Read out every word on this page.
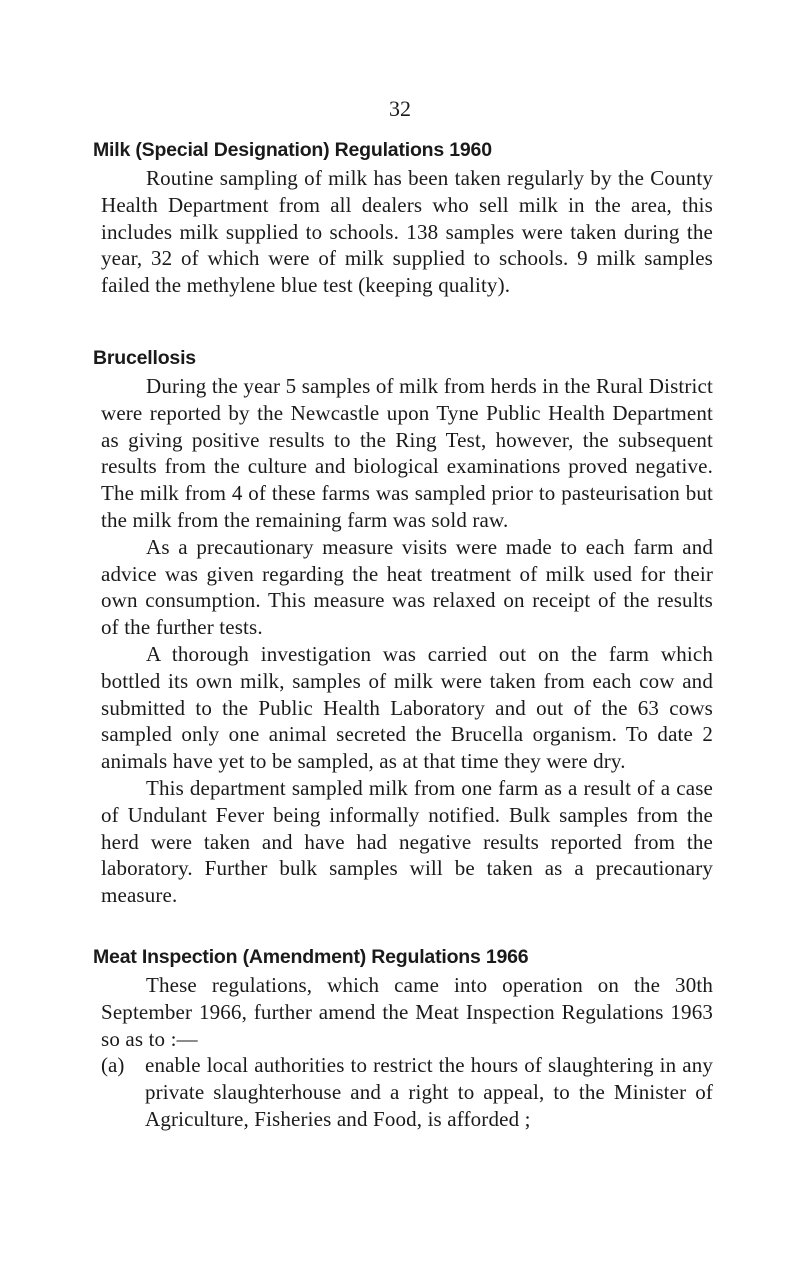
32
Milk (Special Designation) Regulations 1960

Routine sampling of milk has been taken regularly by the County Health Department from all dealers who sell milk in the area, this includes milk supplied to schools. 138 samples were taken during the year, 32 of which were of milk supplied to schools. 9 milk samples failed the methylene blue test (keeping quality).

Brucellosis

During the year 5 samples of milk from herds in the Rural District were reported by the Newcastle upon Tyne Public Health Department as giving positive results to the Ring Test, however, the subsequent results from the culture and biological examinations proved negative. The milk from 4 of these farms was sampled prior to pasteurisation but the milk from the remaining farm was sold raw.

As a precautionary measure visits were made to each farm and advice was given regarding the heat treatment of milk used for their own consumption. This measure was relaxed on receipt of the results of the further tests.

A thorough investigation was carried out on the farm which bottled its own milk, samples of milk were taken from each cow and submitted to the Public Health Laboratory and out of the 63 cows sampled only one animal secreted the Brucella organism. To date 2 animals have yet to be sampled, as at that time they were dry.

This department sampled milk from one farm as a result of a case of Undulant Fever being informally notified. Bulk samples from the herd were taken and have had negative results reported from the laboratory. Further bulk samples will be taken as a precautionary measure.

Meat Inspection (Amendment) Regulations 1966

These regulations, which came into operation on the 30th September 1966, further amend the Meat Inspection Regulations 1963 so as to :—

(a) enable local authorities to restrict the hours of slaughtering in any private slaughterhouse and a right to appeal, to the Minister of Agriculture, Fisheries and Food, is afforded ;
